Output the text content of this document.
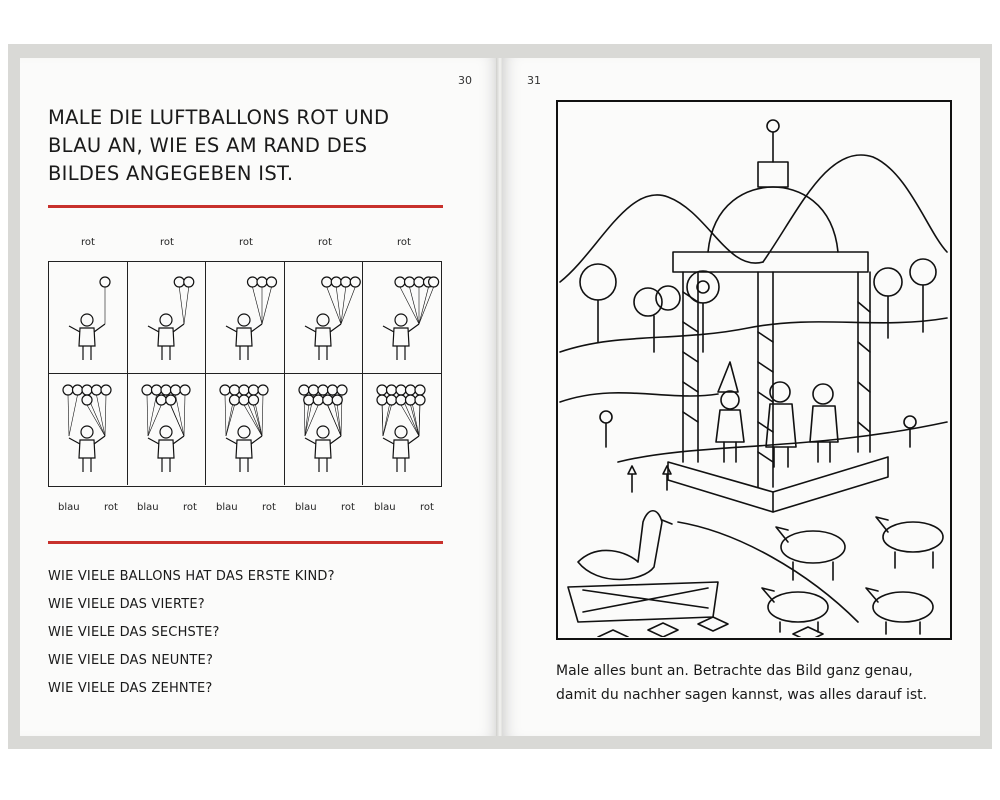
30
MALE DIE LUFTBALLONS ROT UND
BLAU AN, WIE ES AM RAND DES
BILDES ANGEGEBEN IST.
rot	rot	rot	rot	rot
blau rot blau rot blau rot blau rot blau rot
WIE VIELE BALLONS HAT DAS ERSTE KIND?
WIE VIELE DAS VIERTE?
WIE VIELE DAS SECHSTE?
WIE VIELE DAS NEUNTE?
WIE VIELE DAS ZEHNTE?
31
Male alles bunt an. Betrachte das Bild ganz genau,
damit du nachher sagen kannst, was alles darauf ist.
